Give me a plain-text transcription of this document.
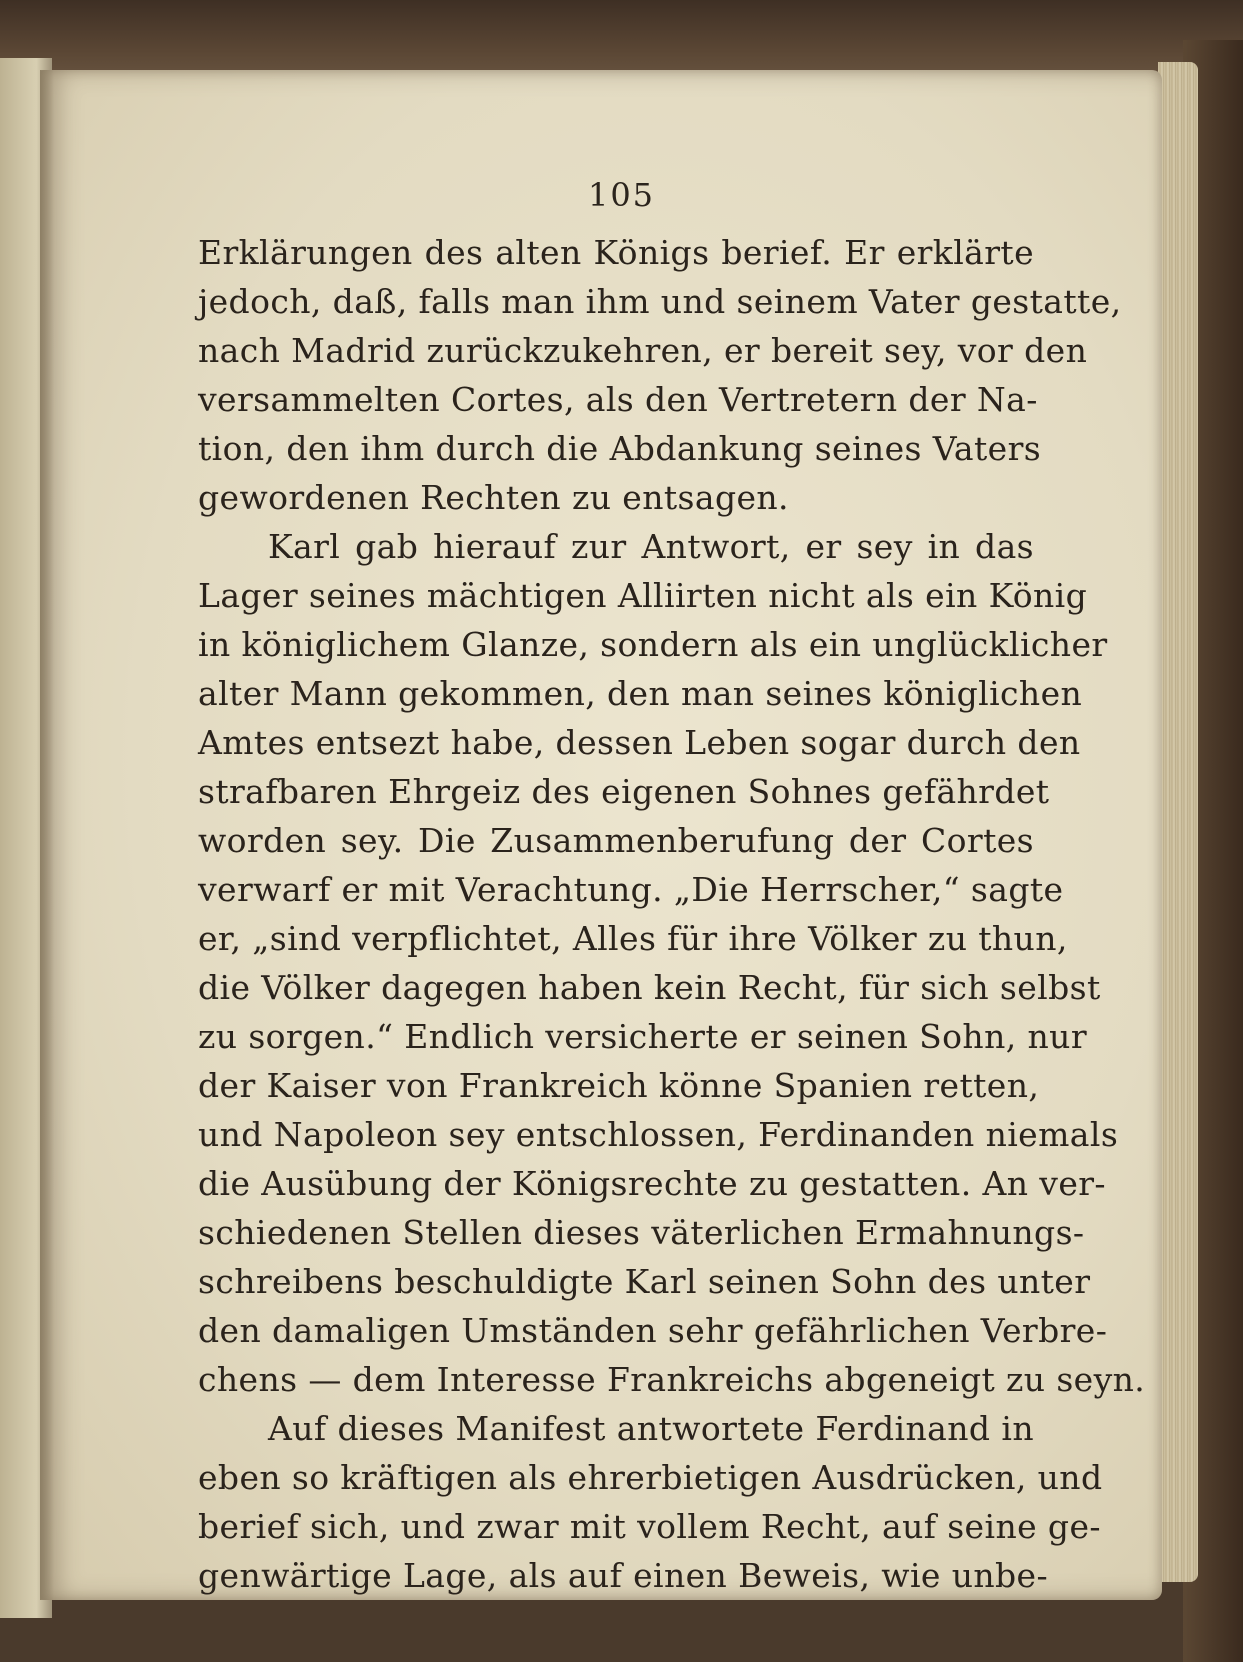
105
Erklärungen des alten Königs berief. Er erklärte
jedoch, daß, falls man ihm und seinem Vater gestatte,
nach Madrid zurückzukehren, er bereit sey, vor den
versammelten Cortes, als den Vertretern der Na-
tion, den ihm durch die Abdankung seines Vaters
gewordenen Rechten zu entsagen.
Karl gab hierauf zur Antwort, er sey in das
Lager seines mächtigen Alliirten nicht als ein König
in königlichem Glanze, sondern als ein unglücklicher
alter Mann gekommen, den man seines königlichen
Amtes entsezt habe, dessen Leben sogar durch den
strafbaren Ehrgeiz des eigenen Sohnes gefährdet
worden sey. Die Zusammenberufung der Cortes
verwarf er mit Verachtung. „Die Herrscher,“ sagte
er, „sind verpflichtet, Alles für ihre Völker zu thun,
die Völker dagegen haben kein Recht, für sich selbst
zu sorgen.“ Endlich versicherte er seinen Sohn, nur
der Kaiser von Frankreich könne Spanien retten,
und Napoleon sey entschlossen, Ferdinanden niemals
die Ausübung der Königsrechte zu gestatten. An ver-
schiedenen Stellen dieses väterlichen Ermahnungs-
schreibens beschuldigte Karl seinen Sohn des unter
den damaligen Umständen sehr gefährlichen Verbre-
chens — dem Interesse Frankreichs abgeneigt zu seyn.
Auf dieses Manifest antwortete Ferdinand in
eben so kräftigen als ehrerbietigen Ausdrücken, und
berief sich, und zwar mit vollem Recht, auf seine ge-
genwärtige Lage, als auf einen Beweis, wie unbe-
